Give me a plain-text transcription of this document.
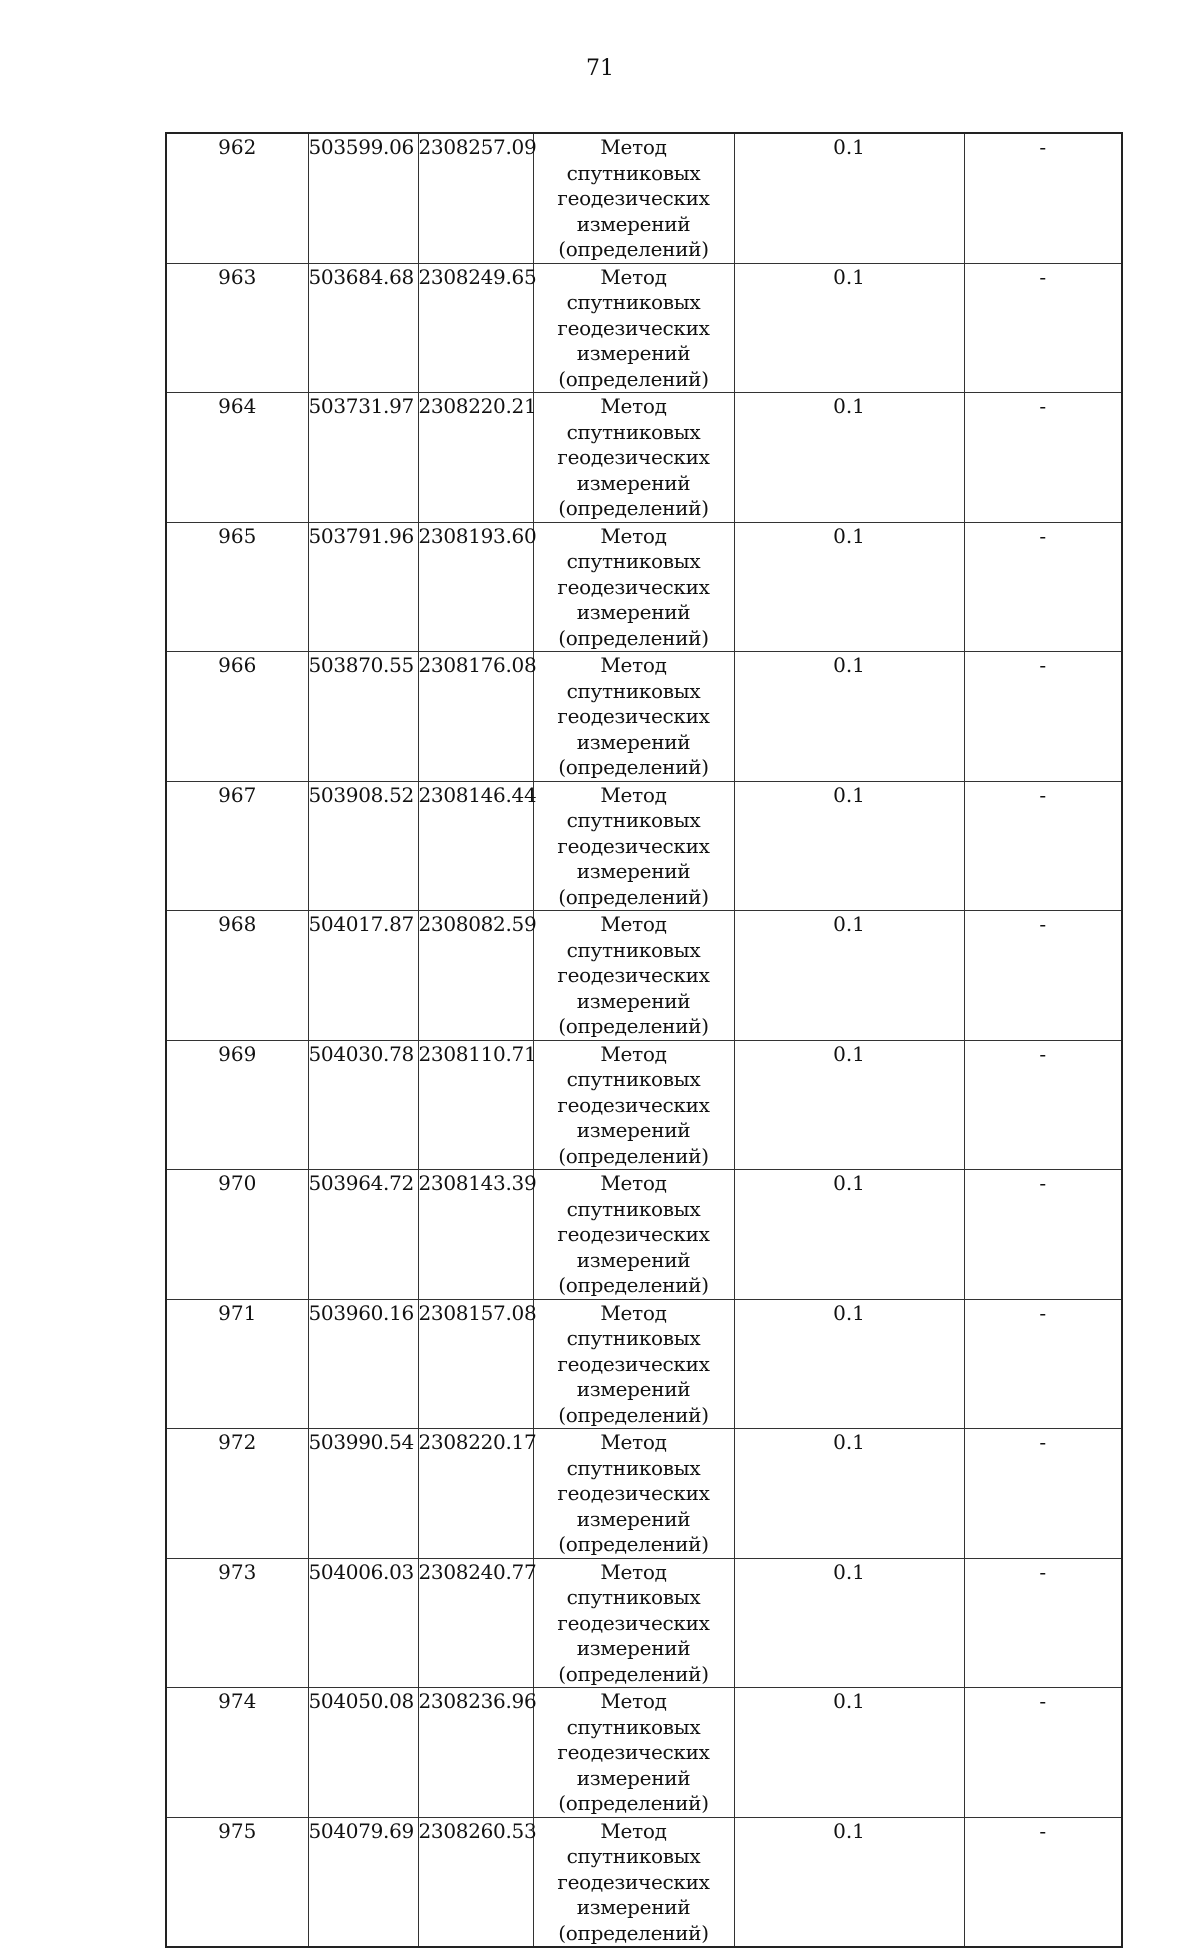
71
962	503599.06	2308257.09	Метод спутниковых
геодезических
измерений
(определений)	0.1	-
963	503684.68	2308249.65	Метод спутниковых
геодезических
измерений
(определений)	0.1	-
964	503731.97	2308220.21	Метод спутниковых
геодезических
измерений
(определений)	0.1	-
965	503791.96	2308193.60	Метод спутниковых
геодезических
измерений
(определений)	0.1	-
966	503870.55	2308176.08	Метод спутниковых
геодезических
измерений
(определений)	0.1	-
967	503908.52	2308146.44	Метод спутниковых
геодезических
измерений
(определений)	0.1	-
968	504017.87	2308082.59	Метод спутниковых
геодезических
измерений
(определений)	0.1	-
969	504030.78	2308110.71	Метод спутниковых
геодезических
измерений
(определений)	0.1	-
970	503964.72	2308143.39	Метод спутниковых
геодезических
измерений
(определений)	0.1	-
971	503960.16	2308157.08	Метод спутниковых
геодезических
измерений
(определений)	0.1	-
972	503990.54	2308220.17	Метод спутниковых
геодезических
измерений
(определений)	0.1	-
973	504006.03	2308240.77	Метод спутниковых
геодезических
измерений
(определений)	0.1	-
974	504050.08	2308236.96	Метод спутниковых
геодезических
измерений
(определений)	0.1	-
975	504079.69	2308260.53	Метод спутниковых
геодезических
измерений
(определений)	0.1	-
